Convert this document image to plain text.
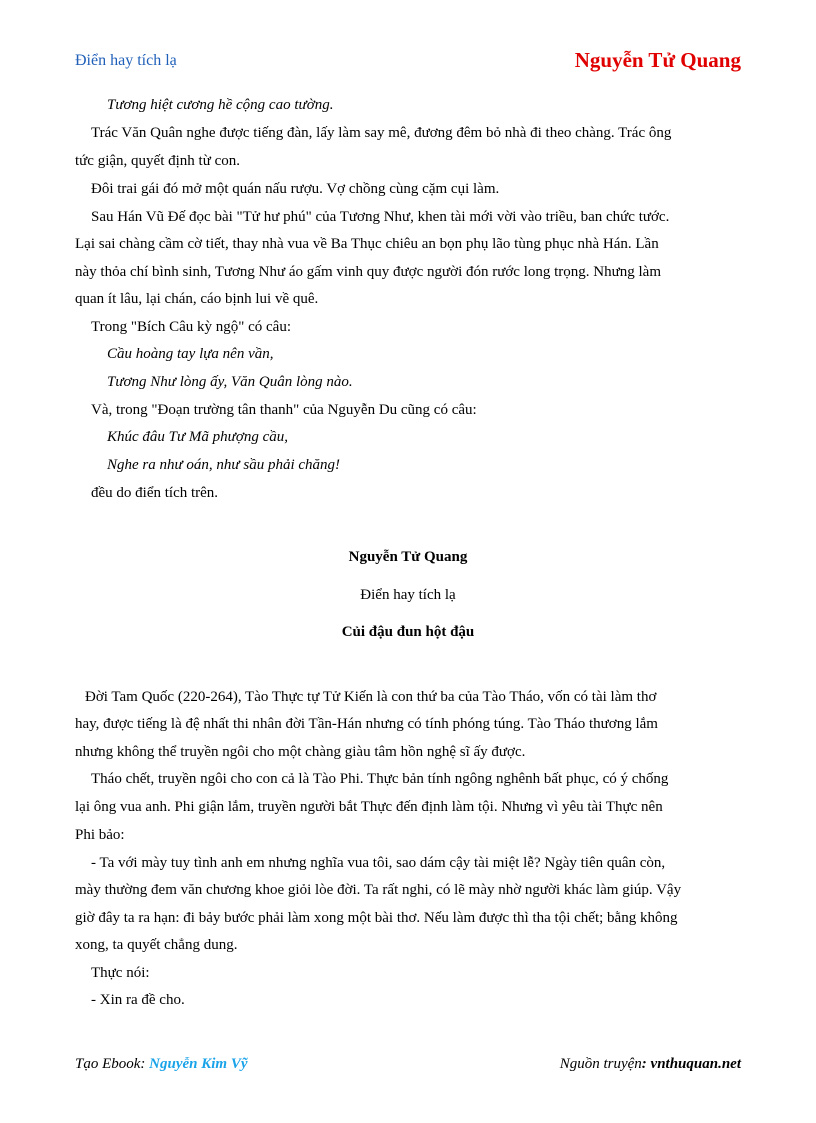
Điển hay tích lạ	Nguyễn Tử Quang
Tương hiệt cương hề cộng cao tường.
Trác Văn Quân nghe được tiếng đàn, lấy làm say mê, đương đêm bỏ nhà đi theo chàng. Trác ông
tức giận, quyết định từ con.
Đôi trai gái đó mở một quán nấu rượu. Vợ chồng cùng cặm cụi làm.
Sau Hán Vũ Đế đọc bài "Tử hư phú" của Tương Như, khen tài mới vời vào triều, ban chức tước.
Lại sai chàng cầm cờ tiết, thay nhà vua về Ba Thục chiêu an bọn phụ lão tùng phục nhà Hán. Lần
này thỏa chí bình sinh, Tương Như áo gấm vinh quy được người đón rước long trọng. Nhưng làm
quan ít lâu, lại chán, cáo bịnh lui về quê.
Trong "Bích Câu kỳ ngộ" có câu:
Cầu hoàng tay lựa nên vần,
Tương Như lòng ấy, Văn Quân lòng nào.
Và, trong "Đoạn trường tân thanh" của Nguyễn Du cũng có câu:
Khúc đâu Tư Mã phượng cầu,
Nghe ra như oán, như sầu phải chăng!
đều do điển tích trên.
Nguyễn Tử Quang
Điển hay tích lạ
Củi đậu đun hột đậu
Đời Tam Quốc (220-264), Tào Thực tự Tử Kiến là con thứ ba của Tào Tháo, vốn có tài làm thơ
hay, được tiếng là đệ nhất thi nhân đời Tần-Hán nhưng có tính phóng túng. Tào Tháo thương lắm
nhưng không thể truyền ngôi cho một chàng giàu tâm hồn nghệ sĩ ấy được.
Tháo chết, truyền ngôi cho con cả là Tào Phi. Thực bản tính ngông nghênh bất phục, có ý chống
lại ông vua anh. Phi giận lắm, truyền người bắt Thực đến định làm tội. Nhưng vì yêu tài Thực nên
Phi bảo:
- Ta với mày tuy tình anh em nhưng nghĩa vua tôi, sao dám cậy tài miệt lễ? Ngày tiên quân còn,
mày thường đem văn chương khoe giỏi lòe đời. Ta rất nghi, có lẽ mày nhờ người khác làm giúp. Vậy
giờ đây ta ra hạn: đi bảy bước phải làm xong một bài thơ. Nếu làm được thì tha tội chết; bằng không
xong, ta quyết chẳng dung.
Thực nói:
- Xin ra đề cho.
Tạo Ebook: Nguyễn Kim Vỹ	Nguồn truyện: vnthuquan.net
